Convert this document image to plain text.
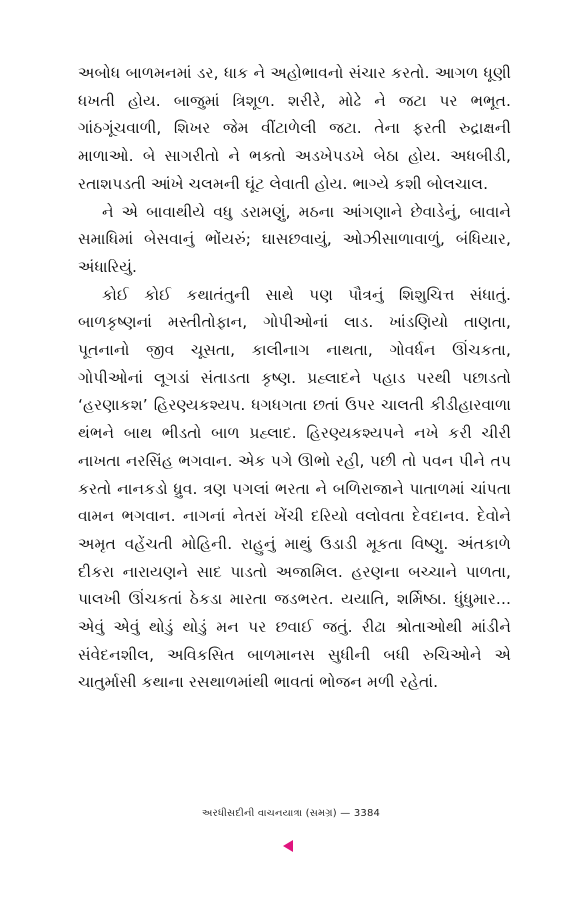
અબોધ બાળમનમાં ડર, ધાક ને અહોભાવનો સંચાર કરતો. આગળ ધૂણી ધખતી હોય. બાજુમાં ત્રિશૂળ. શરીરે, મોઢે ને જટા પર ભભૂત. ગાંઠગૂંચવાળી, શિખર જેમ વીંટાળેલી જટા. તેના ફરતી રુદ્રાક્ષની માળાઓ. બે સાગરીતો ને ભક્તો અડખેપડખે બેઠા હોય. અધબીડી, રતાશપડતી આંખે ચલમની ઘૂંટ લેવાતી હોય. ભાગ્યે કશી બોલચાલ.

ને એ બાવાથીયે વધુ ડરામણું, મઠના આંગણાને છેવાડેનું, બાવાને સમાધિમાં બેસવાનું ભોંયરું; ઘાસછવાયું, ઓઝીસાળાવાળું, બંધિયાર, અંધારિયું.

કોઈ કોઈ કથાતંતુની સાથે પણ પૌત્રનું શિશુચિત્ત સંધાતું. બાળકૃષ્ણનાં મસ્તીતોફાન, ગોપીઓનાં લાડ. ખાંડણિયો તાણતા, પૂતનાનો જીવ ચૂસતા, કાલીનાગ નાથતા, ગોવર્ધન ઊંચકતા, ગોપીઓનાં લૂગડાં સંતાડતા કૃષ્ણ. પ્રહ્લાદને પહાડ પરથી પછાડતો ‘હરણાકશ’ હિરણ્યકશ્યપ. ધગધગતા છતાં ઉપર ચાલતી કીડીહારવાળા થંભને બાથ ભીડતો બાળ પ્રહ્લાદ. હિરણ્યકશ્યપને નખે કરી ચીરી નાખતા નરસિંહ ભગવાન. એક પગે ઊભો રહી, પછી તો પવન પીને તપ કરતો નાનકડો ધ્રુવ. ત્રણ પગલાં ભરતા ને બળિરાજાને પાતાળમાં ચાંપતા વામન ભગવાન. નાગનાં નેતરાં ખેંચી દરિયો વલોવતા દેવદાનવ. દેવોને અમૃત વહેંચતી મોહિની. રાહુનું માથું ઉડાડી મૂકતા વિષ્ણુ. અંતકાળે દીકરા નારાયણને સાદ પાડતો અજામિલ. હરણના બચ્ચાને પાળતા, પાલખી ઊંચકતાં ઠેકડા મારતા જડભરત. યયાતિ, શર્મિષ્ઠા. ધુંધુમાર... એવું એવું થોડું થોડું મન પર છવાઈ જતું. રીઢા શ્રોતાઓથી માંડીને સંવેદનશીલ, અવિકસિત બાળમાનસ સુધીની બધી રુચિઓને એ ચાતુર્માસી કથાના રસથાળમાંથી ભાવતાં ભોજન મળી રહેતાં.

અરધીસદીની વાચનયાત્રા (સમગ્ર) — 3384
